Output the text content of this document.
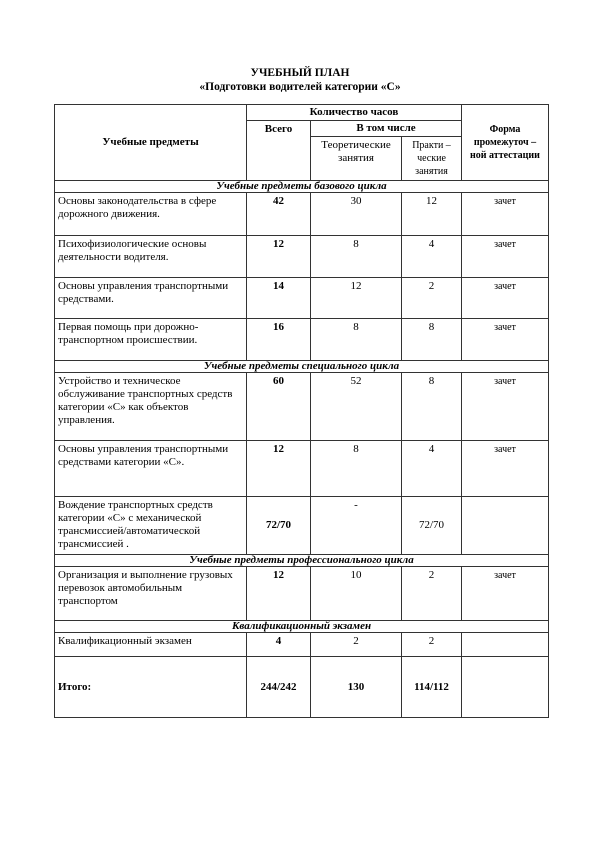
УЧЕБНЫЙ ПЛАН
«Подготовки водителей категории «С»
Учебные предметы	Количество часов			Форма промежуточ – ной аттестации
	Всего	В том числе		
		Теоретические занятия	Практи – ческие занятия	
Учебные предметы базового цикла				
Основы законодательства в сфере дорожного движения.	42	30	12	зачет
Психофизиологические основы деятельности водителя.	12	8	4	зачет
Основы управления транспортными средствами.	14	12	2	зачет
Первая помощь при дорожно-транспортном происшествии.	16	8	8	зачет
Учебные предметы специального цикла				
Устройство и техническое обслуживание транспортных средств категории «С» как объектов управления.	60	52	8	зачет
Основы управления транспортными средствами категории «С».	12	8	4	зачет
Вождение транспортных средств категории «С» с механической трансмиссией/автоматической трансмиссией .	72/70	-	72/70	
Учебные предметы профессионального цикла				
Организация и выполнение грузовых перевозок автомобильным транспортом	12	10	2	зачет
Квалификационный экзамен				
Квалификационный экзамен	4	2	2	
Итого:	244/242	130	114/112	
